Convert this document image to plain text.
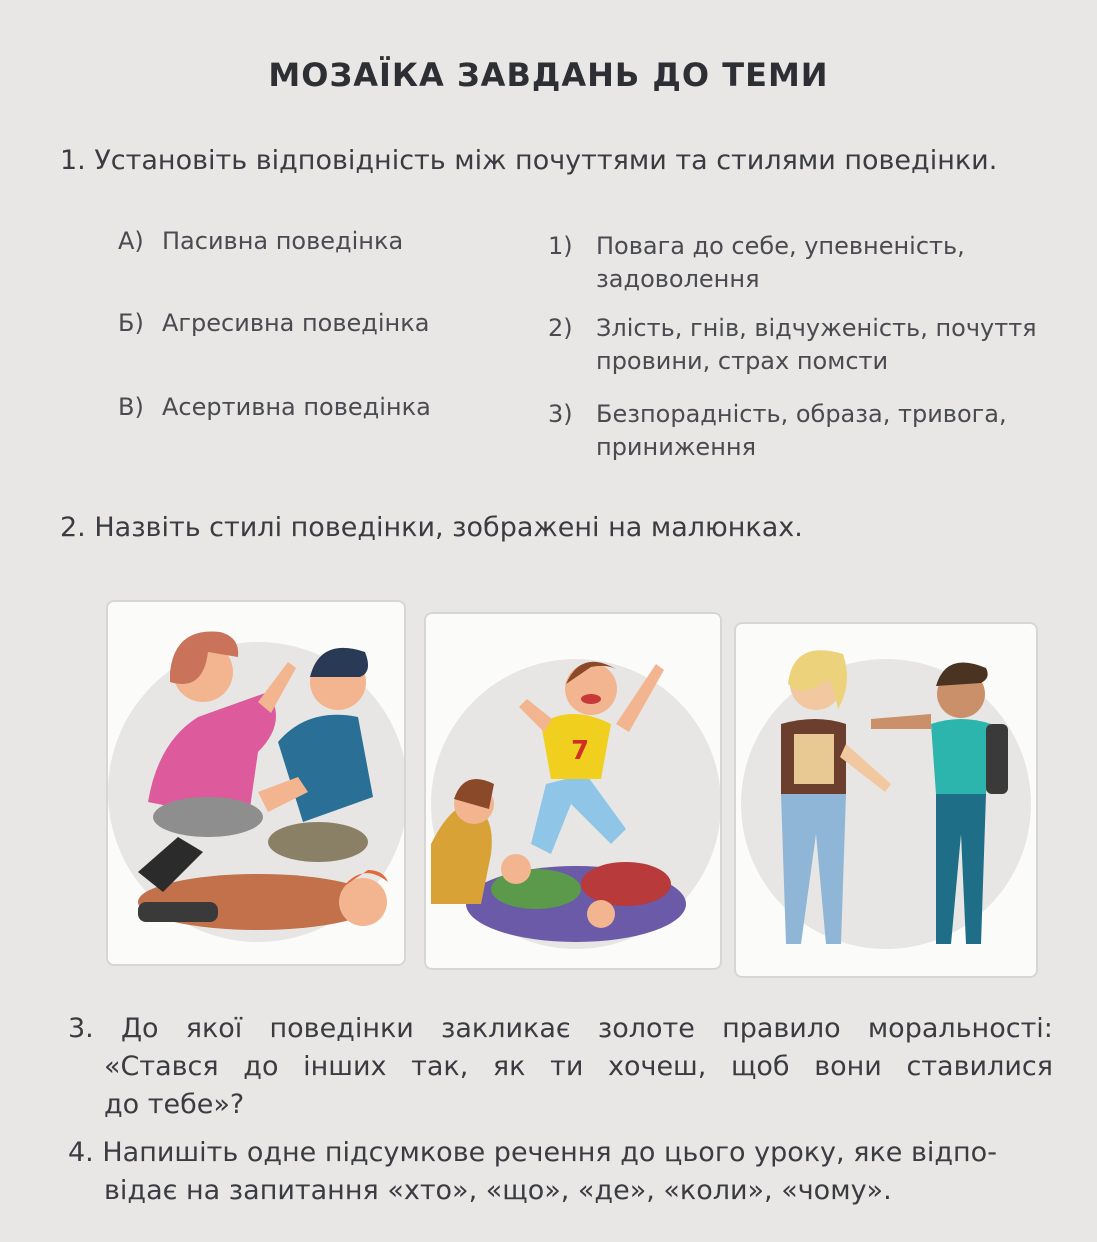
МОЗАЇКА ЗАВДАНЬ ДО ТЕМИ
1. Установіть відповідність між почуттями та стилями поведінки.
А) Пасивна поведінка
Б) Агресивна поведінка
В) Асертивна поведінка
1) Повага до себе, упевненість,
задоволення
2) Злість, гнів, відчуженість, почуття
провини, страх помсти
3) Безпорадність, образа, тривога,
приниження
2. Назвіть стилі поведінки, зображені на малюнках.
7
3. До якої поведінки закликає золоте правило моральності:
«Стався до інших так, як ти хочеш, щоб вони ставилися
до тебе»?
4. Напишіть одне підсумкове речення до цього уроку, яке відпо-
відає на запитання «хто», «що», «де», «коли», «чому».
